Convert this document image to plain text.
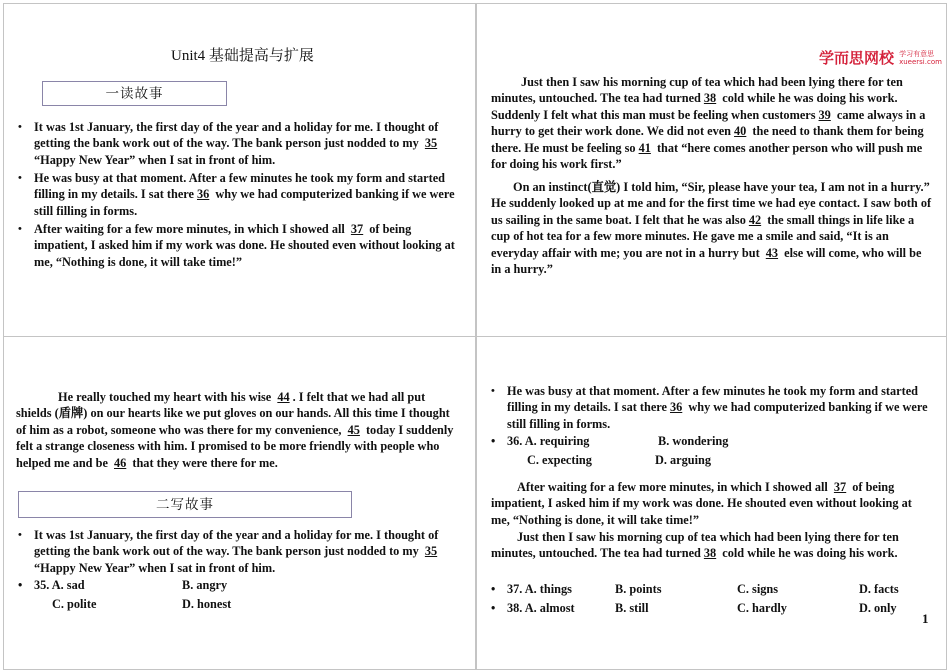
Unit4 基础提高与扩展
一读故事
• It was 1st January, the first day of the year and a holiday for me. I thought of getting the bank work out of the way. The bank person just nodded to my 35 “Happy New Year” when I sat in front of him.

• He was busy at that moment. After a few minutes he took my form and started filling in my details. I sat there 36 why we had computerized banking if we were still filling in forms.

• After waiting for a few more minutes, in which I showed all 37 of being impatient, I asked him if my work was done. He shouted even without looking at me, “Nothing is done, it will take time!”

学而思网校 学习有意思
xueersi.com

Just then I saw his morning cup of tea which had been lying there for ten minutes, untouched. The tea had turned 38 cold while he was doing his work. Suddenly I felt what this man must be feeling when customers 39 came always in a hurry to get their work done. We did not even 40 the need to thank them for being there. He must be feeling so 41 that “here comes another person who will push me for doing his work first.”

On an instinct(直觉) I told him, “Sir, please have your tea, I am not in a hurry.” He suddenly looked up at me and for the first time we had eye contact. I saw both of us sailing in the same boat. I felt that he was also 42 the small things in life like a cup of hot tea for a few more minutes. He gave me a smile and said, “It is an everyday affair with me; you are not in a hurry but 43 else will come, who will be in a hurry.”

He really touched my heart with his wise 44 . I felt that we had all put shields (盾牌) on our hearts like we put gloves on our hands. All this time I thought of him as a robot, someone who was there for my convenience, 45 today I suddenly felt a strange closeness with him. I promised to be more friendly with people who helped me and be 46 that they were there for me.

二写故事
• It was 1st January, the first day of the year and a holiday for me. I thought of getting the bank work out of the way. The bank person just nodded to my 35 “Happy New Year” when I sat in front of him.

• 35. A. sad	B. angry
C. polite	D. honest
• He was busy at that moment. After a few minutes he took my form and started filling in my details. I sat there 36 why we had computerized banking if we were still filling in forms.

• 36. A. requiring	B. wondering
C. expecting	D. arguing

After waiting for a few more minutes, in which I showed all 37 of being impatient, I asked him if my work was done. He shouted even without looking at me, “Nothing is done, it will take time!”

Just then I saw his morning cup of tea which had been lying there for ten minutes, untouched. The tea had turned 38 cold while he was doing his work.

• 37. A. things	B. points	C. signs	D. facts
• 38. A. almost	B. still	C. hardly	D. only
1
